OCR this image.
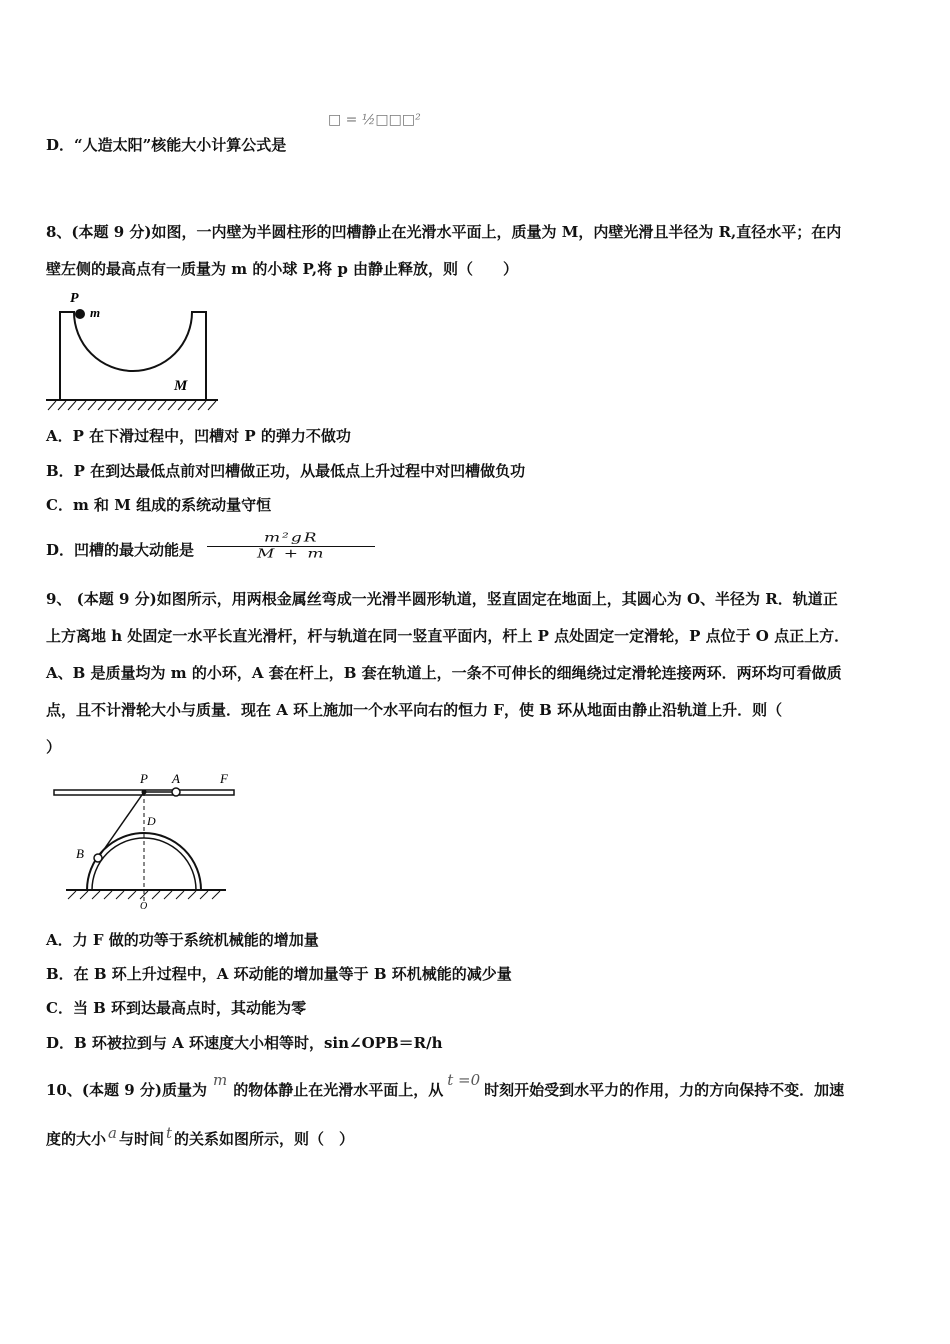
D．“人造太阳”核能大小计算公式是
□ = ½□□□²
8、(本题 9 分)如图，一内壁为半圆柱形的凹槽静止在光滑水平面上，质量为 M，内壁光滑且半径为 R,直径水平；在内
壁左侧的最高点有一质量为 m 的小球 P,将 p 由静止释放，则（　　）
P
m
M
A．P 在下滑过程中，凹槽对 P 的弹力不做功
B．P 在到达最低点前对凹槽做正功，从最低点上升过程中对凹槽做负功
C．m 和 M 组成的系统动量守恒
D．凹槽的最大动能是 $\frac{\text{m²gR}}{M + m}$
9、 (本题 9 分)如图所示，用两根金属丝弯成一光滑半圆形轨道，竖直固定在地面上，其圆心为 O、半径为 R．轨道正
上方离地 h 处固定一水平长直光滑杆，杆与轨道在同一竖直平面内，杆上 P 点处固定一定滑轮，P 点位于 O 点正上方．
A、B 是质量均为 m 的小环，A 套在杆上，B 套在轨道上，一条不可伸长的细绳绕过定滑轮连接两环．两环均可看做质
点，且不计滑轮大小与质量．现在 A 环上施加一个水平向右的恒力 F，使 B 环从地面由静止沿轨道上升．则（
）
P A	F
D
B
O
A．力 F 做的功等于系统机械能的增加量
B．在 B 环上升过程中，A 环动能的增加量等于 B 环机械能的减少量
C．当 B 环到达最高点时，其动能为零
D．B 环被拉到与 A 环速度大小相等时，sin∠OPB＝R/h
10、(本题 9 分)质量为m的物体静止在光滑水平面上，从t =0时刻开始受到水平力的作用，力的方向保持不变．加速
度的大小 a 与时间 t 的关系如图所示，则（　）
